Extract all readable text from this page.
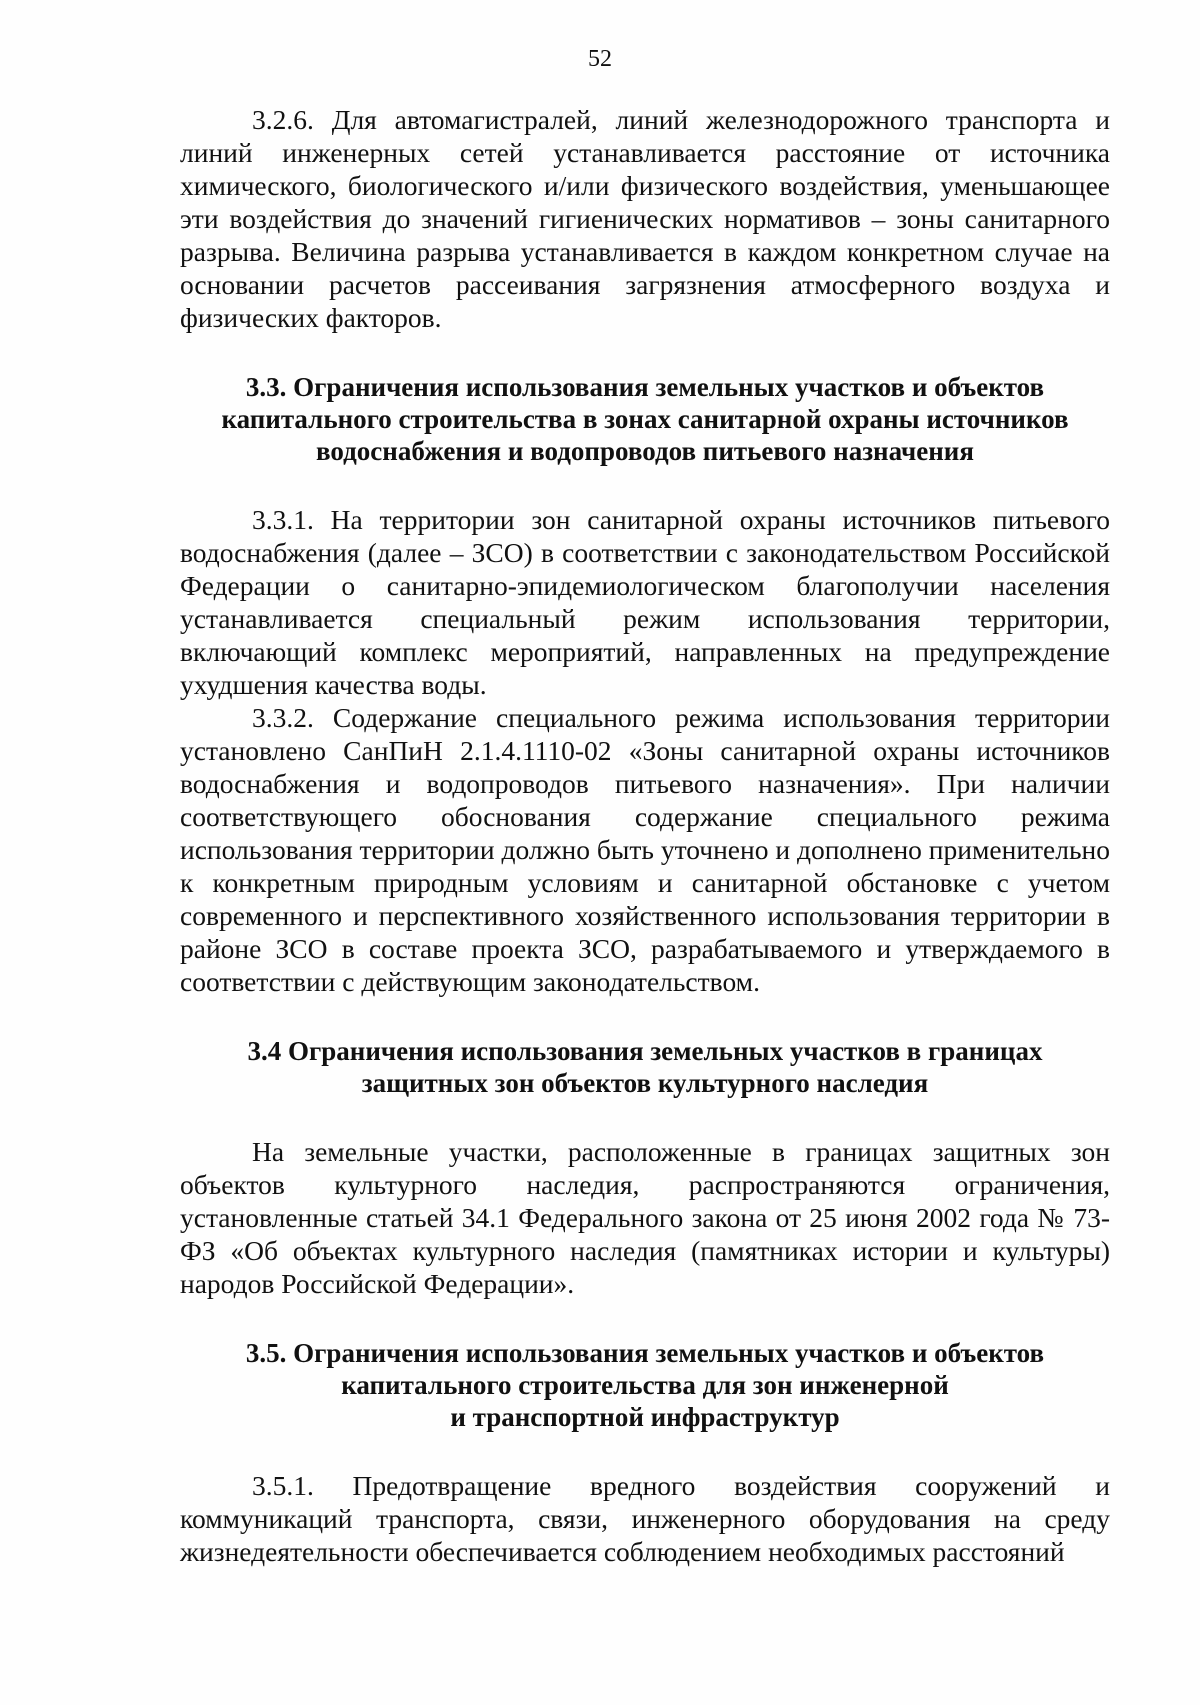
52

3.2.6. Для автомагистралей, линий железнодорожного транспорта и линий инженерных сетей устанавливается расстояние от источника химического, биологического и/или физического воздействия, уменьшающее эти воздействия до значений гигиенических нормативов – зоны санитарного разрыва. Величина разрыва устанавливается в каждом конкретном случае на основании расчетов рассеивания загрязнения атмосферного воздуха и физических факторов.

3.3. Ограничения использования земельных участков и объектов
капитального строительства в зонах санитарной охраны источников
водоснабжения и водопроводов питьевого назначения

3.3.1. На территории зон санитарной охраны источников питьевого водоснабжения (далее – ЗСО) в соответствии с законодательством Российской Федерации о санитарно-эпидемиологическом благополучии населения устанавливается специальный режим использования территории, включающий комплекс мероприятий, направленных на предупреждение ухудшения качества воды.

3.3.2. Содержание специального режима использования территории установлено СанПиН 2.1.4.1110-02 «Зоны санитарной охраны источников водоснабжения и водопроводов питьевого назначения». При наличии соответствующего обоснования содержание специального режима использования территории должно быть уточнено и дополнено применительно к конкретным природным условиям и санитарной обстановке с учетом современного и перспективного хозяйственного использования территории в районе ЗСО в составе проекта ЗСО, разрабатываемого и утверждаемого в соответствии с действующим законодательством.

3.4 Ограничения использования земельных участков в границах
защитных зон объектов культурного наследия

На земельные участки, расположенные в границах защитных зон объектов культурного наследия, распространяются ограничения, установленные статьей 34.1 Федерального закона от 25 июня 2002 года № 73-ФЗ «Об объектах культурного наследия (памятниках истории и культуры) народов Российской Федерации».

3.5. Ограничения использования земельных участков и объектов
капитального строительства для зон инженерной
и транспортной инфраструктур

3.5.1. Предотвращение вредного воздействия сооружений и коммуникаций транспорта, связи, инженерного оборудования на среду жизнедеятельности обеспечивается соблюдением необходимых расстояний
